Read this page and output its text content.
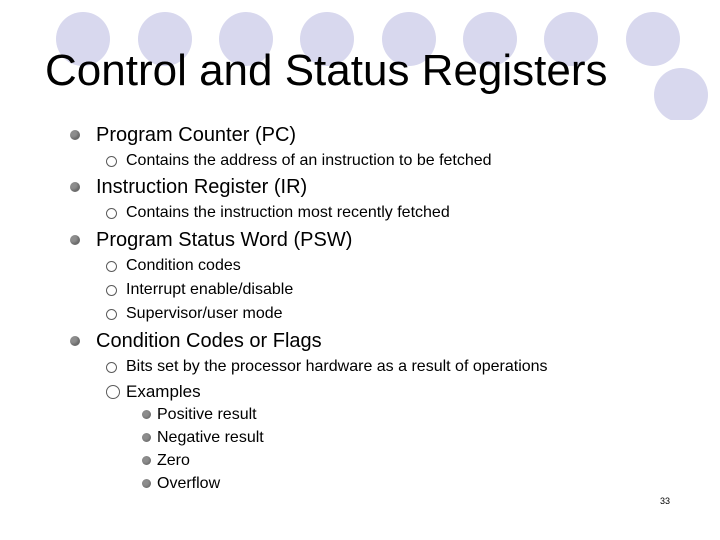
Control and Status Registers
Program Counter (PC)
Contains the address of an instruction to be fetched
Instruction Register (IR)
Contains the instruction most recently fetched
Program Status Word (PSW)
Condition codes
Interrupt enable/disable
Supervisor/user mode
Condition Codes or Flags
Bits set by the processor hardware as a result of operations
Examples
Positive result
Negative result
Zero
Overflow
33
